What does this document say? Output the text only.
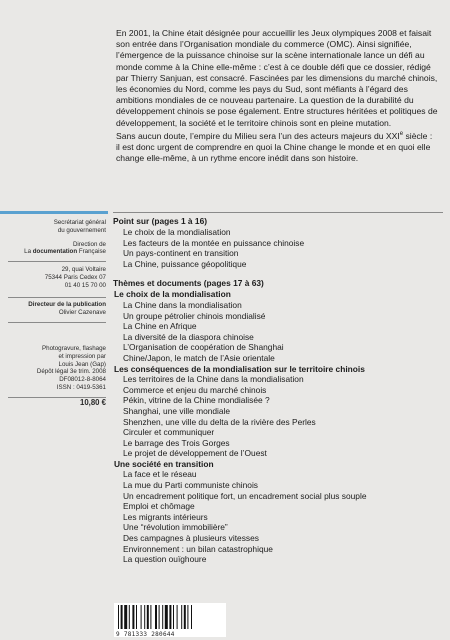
En 2001, la Chine était désignée pour accueillir les Jeux olympiques 2008 et faisait son entrée dans l’Organisation mondiale du commerce (OMC). Ainsi signifiée, l’émergence de la puissance chinoise sur la scène internationale lance un défi au monde comme à la Chine elle-même : c’est à ce double défi que ce dossier, rédigé par Thierry Sanjuan, est consacré. Fascinées par les dimensions du marché chinois, les économies du Nord, comme les pays du Sud, sont méfiants à l’égard des ambitions mondiales de ce nouveau partenaire. La question de la durabilité du développement chinois se pose également. Entre structures héritées et politiques de développement, la société et le territoire chinois sont en pleine mutation.

Sans aucun doute, l’empire du Milieu sera l’un des acteurs majeurs du XXIe siècle : il est donc urgent de comprendre en quoi la Chine change le monde et en quoi elle change elle-même, à un rythme encore inédit dans son histoire.

Secrétariat général
du gouvernement
Direction de
La documentation Française
29, quai Voltaire
75344 Paris Cedex 07
01 40 15 70 00
Directeur de la publication
Olivier Cazenave
Photogravure, flashage
et impression par
Louis Jean (Gap)
Dépôt légal 3e trim. 2008
DF08012-8-8064
ISSN : 0419-5361
10,80 €
Point sur (pages 1 à 16)
Le choix de la mondialisation
Les facteurs de la montée en puissance chinoise
Un pays-continent en transition
La Chine, puissance géopolitique
Thèmes et documents (pages 17 à 63)
Le choix de la mondialisation
La Chine dans la mondialisation
Un groupe pétrolier chinois mondialisé
La Chine en Afrique
La diversité de la diaspora chinoise
L’Organisation de coopération de Shanghai
Chine/Japon, le match de l’Asie orientale
Les conséquences de la mondialisation sur le territoire chinois
Les territoires de la Chine dans la mondialisation
Commerce et enjeu du marché chinois
Pékin, vitrine de la Chine mondialisée ?
Shanghai, une ville mondiale
Shenzhen, une ville du delta de la rivière des Perles
Circuler et communiquer
Le barrage des Trois Gorges
Le projet de développement de l’Ouest
Une société en transition
La face et le réseau
La mue du Parti communiste chinois
Un encadrement politique fort, un encadrement social plus souple
Emploi et chômage
Les migrants intérieurs
Une “révolution immobilière”
Des campagnes à plusieurs vitesses
Environnement : un bilan catastrophique
La question ouïghoure
9 781333 280644
